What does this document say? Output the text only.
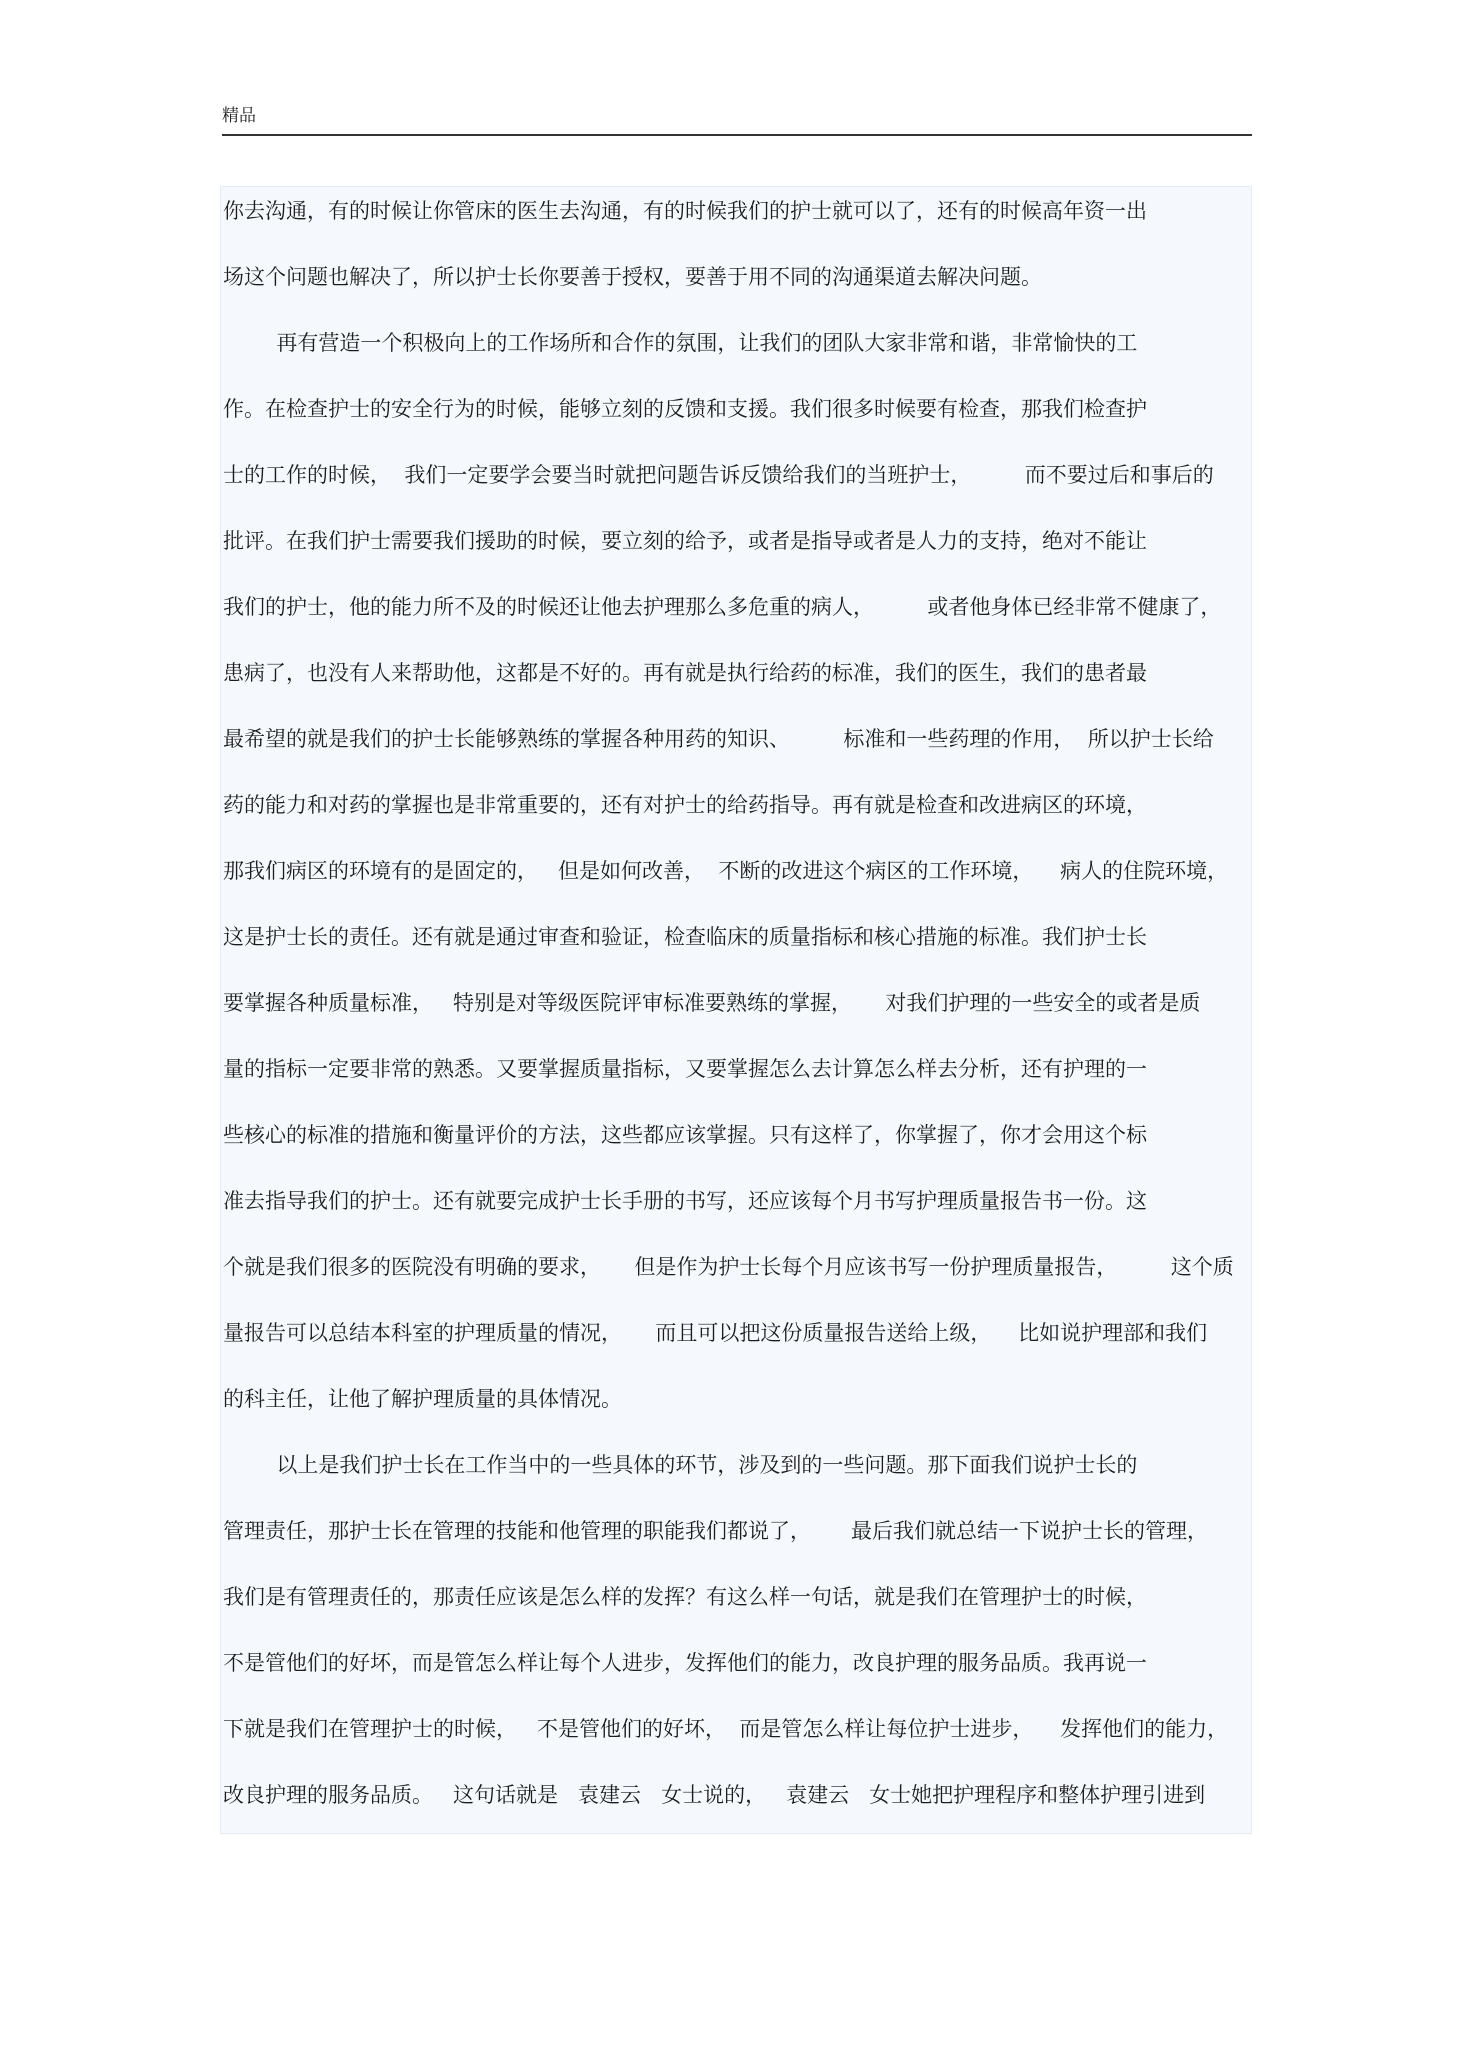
精品
你去沟通，有的时候让你管床的医生去沟通，有的时候我们的护士就可以了，还有的时候高年资一出
场这个问题也解决了，所以护士长你要善于授权，要善于用不同的沟通渠道去解决问题。
再有营造一个积极向上的工作场所和合作的氛围，让我们的团队大家非常和谐，非常愉快的工
作。在检查护士的安全行为的时候，能够立刻的反馈和支援。我们很多时候要有检查，那我们检查护
士的工作的时候，  我们一定要学会要当时就把问题告诉反馈给我们的当班护士，        而不要过后和事后的
批评。在我们护士需要我们援助的时候，要立刻的给予，或者是指导或者是人力的支持，绝对不能让
我们的护士，他的能力所不及的时候还让他去护理那么多危重的病人，        或者他身体已经非常不健康了，
患病了，也没有人来帮助他，这都是不好的。再有就是执行给药的标准，我们的医生，我们的患者最
最希望的就是我们的护士长能够熟练的掌握各种用药的知识、        标准和一些药理的作用，  所以护士长给
药的能力和对药的掌握也是非常重要的，还有对护士的给药指导。再有就是检查和改进病区的环境，
那我们病区的环境有的是固定的，   但是如何改善，  不断的改进这个病区的工作环境，    病人的住院环境，
这是护士长的责任。还有就是通过审查和验证，检查临床的质量指标和核心措施的标准。我们护士长
要掌握各种质量标准，   特别是对等级医院评审标准要熟练的掌握，     对我们护理的一些安全的或者是质
量的指标一定要非常的熟悉。又要掌握质量指标，又要掌握怎么去计算怎么样去分析，还有护理的一
些核心的标准的措施和衡量评价的方法，这些都应该掌握。只有这样了，你掌握了，你才会用这个标
准去指导我们的护士。还有就要完成护士长手册的书写，还应该每个月书写护理质量报告书一份。这
个就是我们很多的医院没有明确的要求，     但是作为护士长每个月应该书写一份护理质量报告，        这个质
量报告可以总结本科室的护理质量的情况，     而且可以把这份质量报告送给上级，    比如说护理部和我们
的科主任，让他了解护理质量的具体情况。
以上是我们护士长在工作当中的一些具体的环节，涉及到的一些问题。那下面我们说护士长的
管理责任，那护士长在管理的技能和他管理的职能我们都说了，      最后我们就总结一下说护士长的管理，
我们是有管理责任的，那责任应该是怎么样的发挥？有这么样一句话，就是我们在管理护士的时候，
不是管他们的好坏，而是管怎么样让每个人进步，发挥他们的能力，改良护理的服务品质。我再说一
下就是我们在管理护士的时候，   不是管他们的好坏，  而是管怎么样让每位护士进步，    发挥他们的能力，
改良护理的服务品质。   这句话就是   袁建云   女士说的，   袁建云   女士她把护理程序和整体护理引进到
